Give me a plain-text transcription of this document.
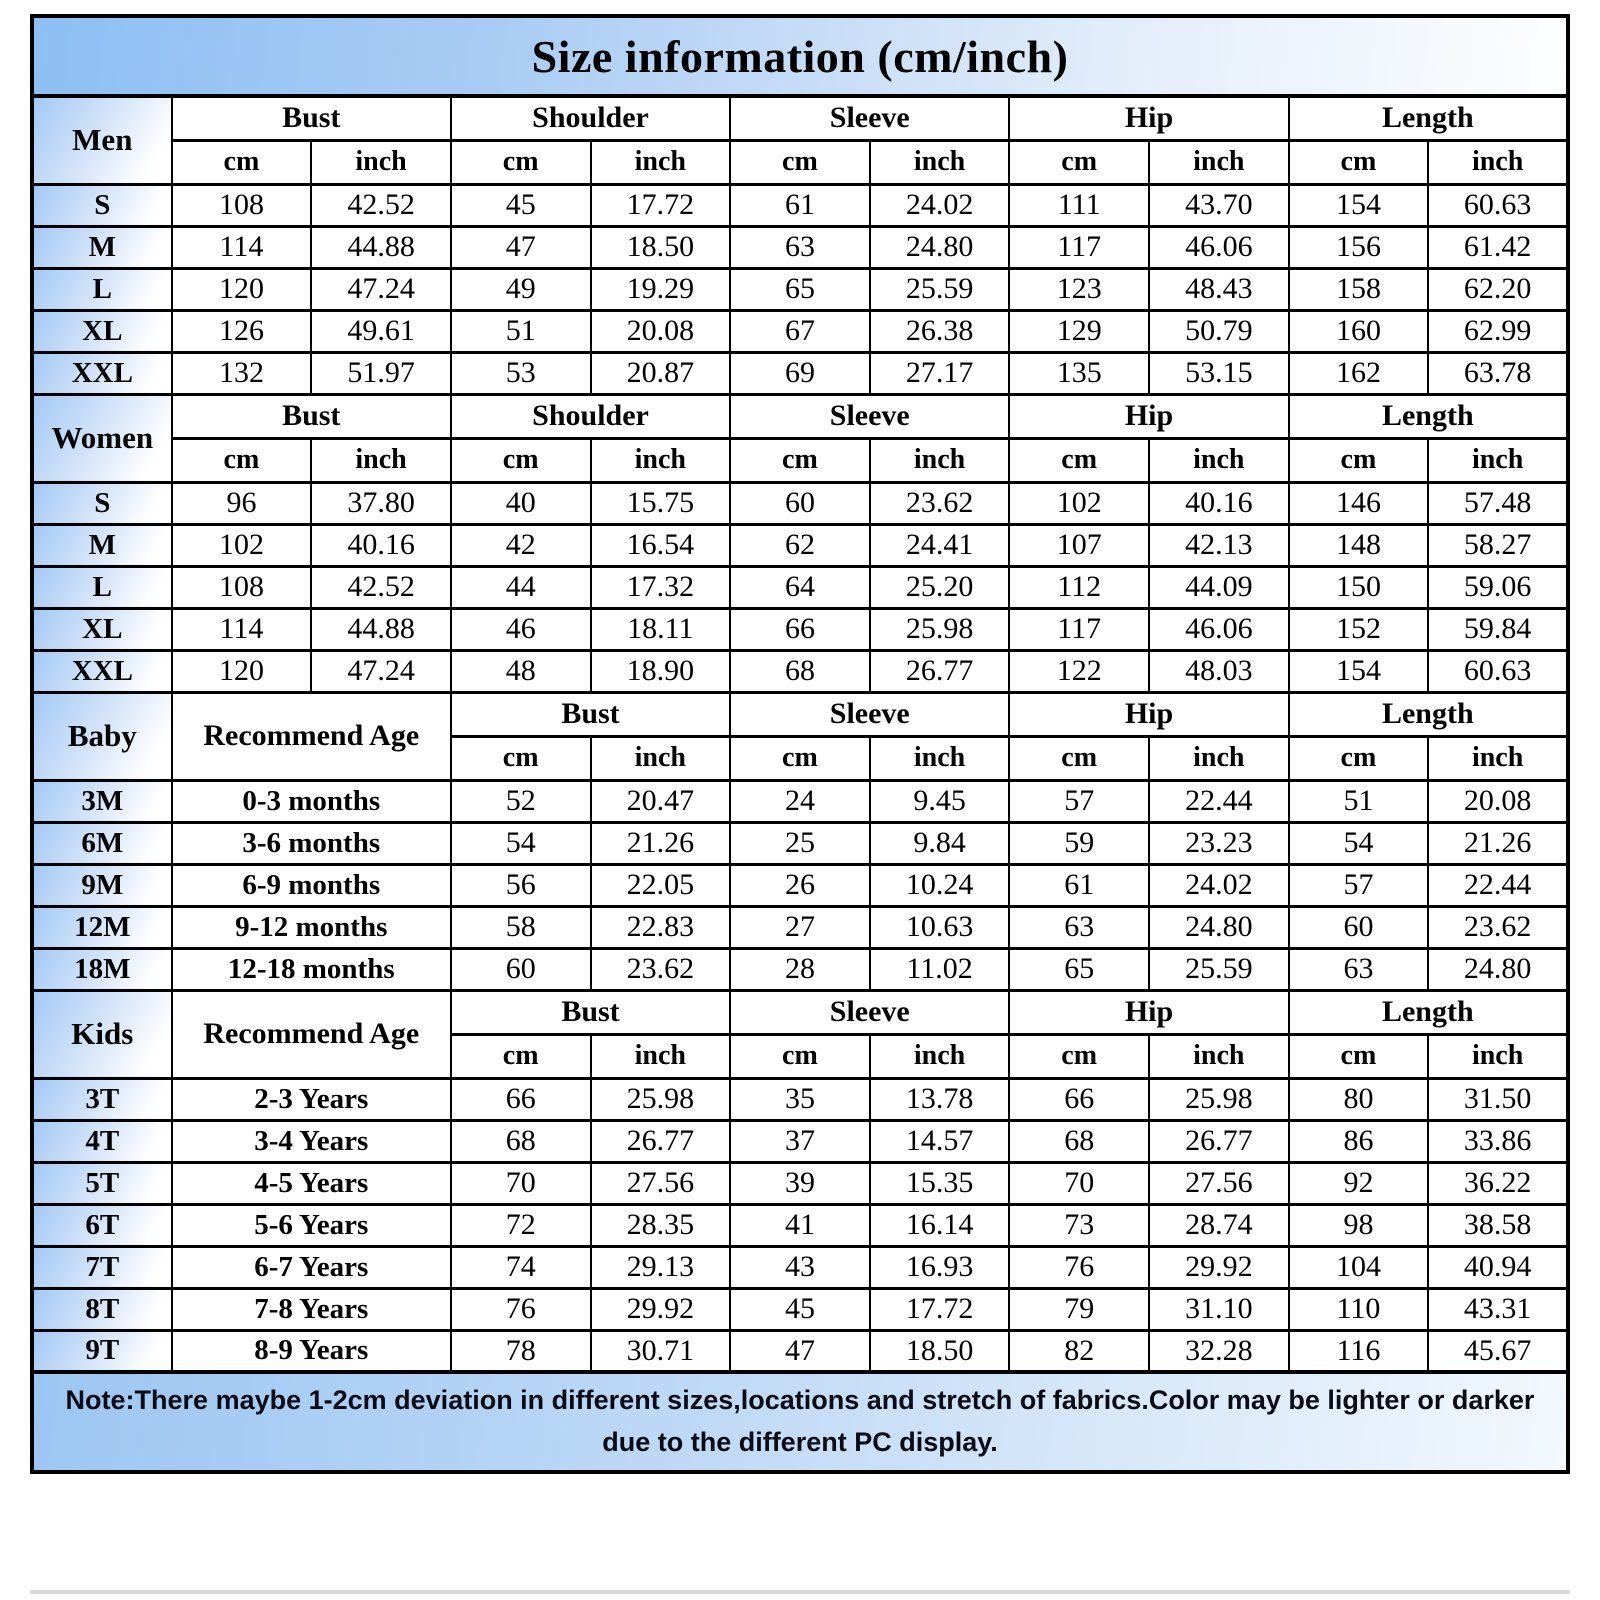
Size information (cm/inch)										
Men	Bust		Shoulder		Sleeve		Hip		Length	
	cm	inch	cm	inch	cm	inch	cm	inch	cm	inch
S	108	42.52	45	17.72	61	24.02	111	43.70	154	60.63
M	114	44.88	47	18.50	63	24.80	117	46.06	156	61.42
L	120	47.24	49	19.29	65	25.59	123	48.43	158	62.20
XL	126	49.61	51	20.08	67	26.38	129	50.79	160	62.99
XXL	132	51.97	53	20.87	69	27.17	135	53.15	162	63.78
Women	Bust		Shoulder		Sleeve		Hip		Length	
	cm	inch	cm	inch	cm	inch	cm	inch	cm	inch
S	96	37.80	40	15.75	60	23.62	102	40.16	146	57.48
M	102	40.16	42	16.54	62	24.41	107	42.13	148	58.27
L	108	42.52	44	17.32	64	25.20	112	44.09	150	59.06
XL	114	44.88	46	18.11	66	25.98	117	46.06	152	59.84
XXL	120	47.24	48	18.90	68	26.77	122	48.03	154	60.63
Baby	Recommend Age		Bust		Sleeve		Hip		Length	
			cm	inch	cm	inch	cm	inch	cm	inch
3M	0-3 months		52	20.47	24	9.45	57	22.44	51	20.08
6M	3-6 months		54	21.26	25	9.84	59	23.23	54	21.26
9M	6-9 months		56	22.05	26	10.24	61	24.02	57	22.44
12M	9-12 months		58	22.83	27	10.63	63	24.80	60	23.62
18M	12-18 months		60	23.62	28	11.02	65	25.59	63	24.80
Kids	Recommend Age		Bust		Sleeve		Hip		Length	
			cm	inch	cm	inch	cm	inch	cm	inch
3T	2-3 Years		66	25.98	35	13.78	66	25.98	80	31.50
4T	3-4 Years		68	26.77	37	14.57	68	26.77	86	33.86
5T	4-5 Years		70	27.56	39	15.35	70	27.56	92	36.22
6T	5-6 Years		72	28.35	41	16.14	73	28.74	98	38.58
7T	6-7 Years		74	29.13	43	16.93	76	29.92	104	40.94
8T	7-8 Years		76	29.92	45	17.72	79	31.10	110	43.31
9T	8-9 Years		78	30.71	47	18.50	82	32.28	116	45.67
Note:There maybe 1-2cm deviation in different sizes,locations and stretch of fabrics.Color may be lighter or darker due to the different PC display.										
